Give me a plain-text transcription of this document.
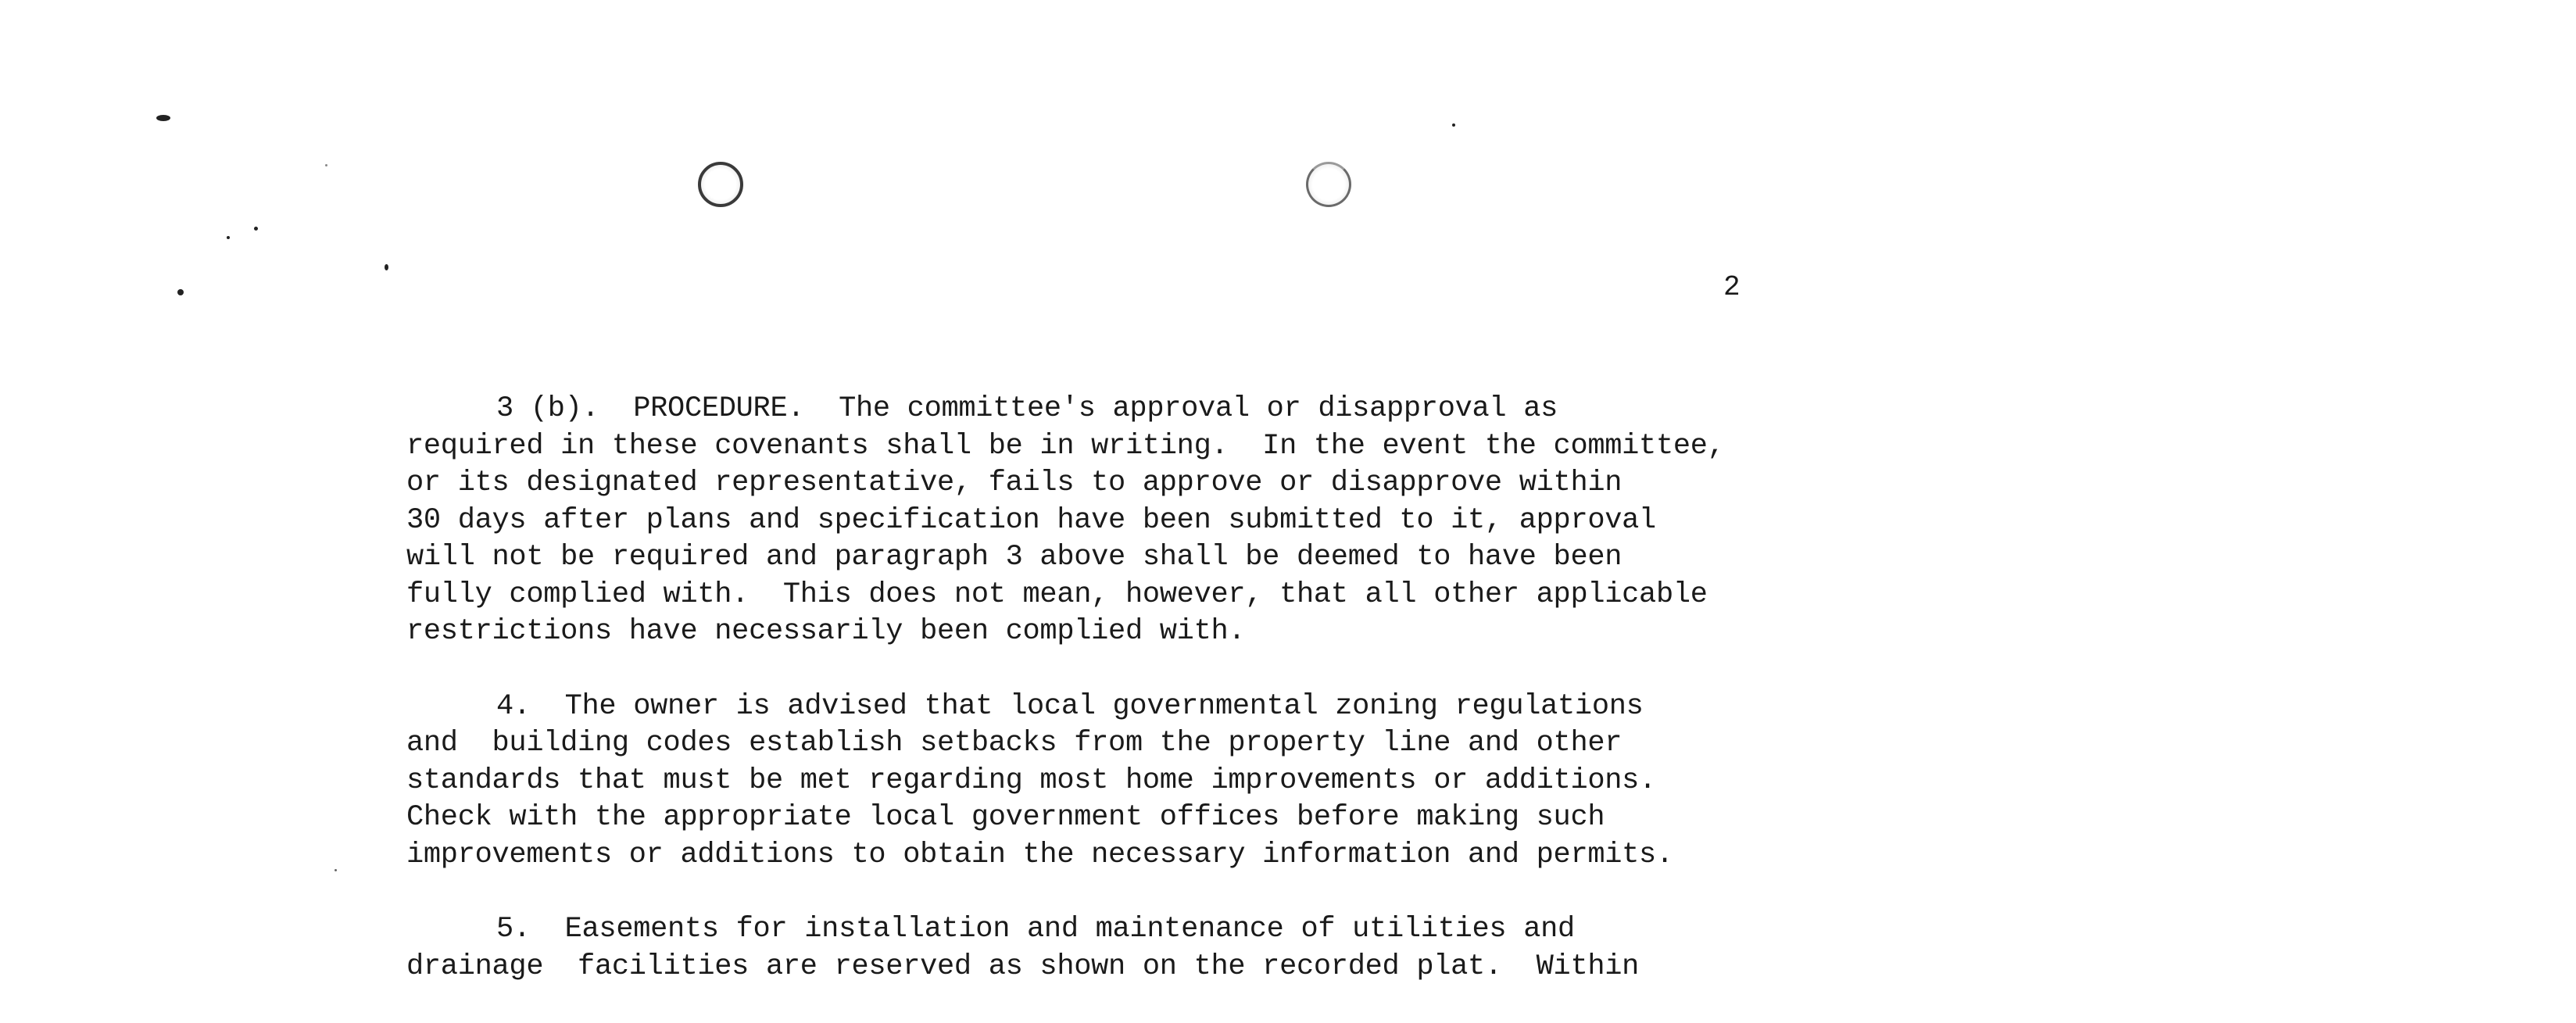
2

3 (b).  PROCEDURE.  The committee's approval or disapproval as
required in these covenants shall be in writing.  In the event the committee,
or its designated representative, fails to approve or disapprove within
30 days after plans and specification have been submitted to it, approval
will not be required and paragraph 3 above shall be deemed to have been
fully complied with.  This does not mean, however, that all other applicable
restrictions have necessarily been complied with.

4.  The owner is advised that local governmental zoning regulations
and  building codes establish setbacks from the property line and other
standards that must be met regarding most home improvements or additions.
Check with the appropriate local government offices before making such
improvements or additions to obtain the necessary information and permits.

5.  Easements for installation and maintenance of utilities and
drainage  facilities are reserved as shown on the recorded plat.  Within
